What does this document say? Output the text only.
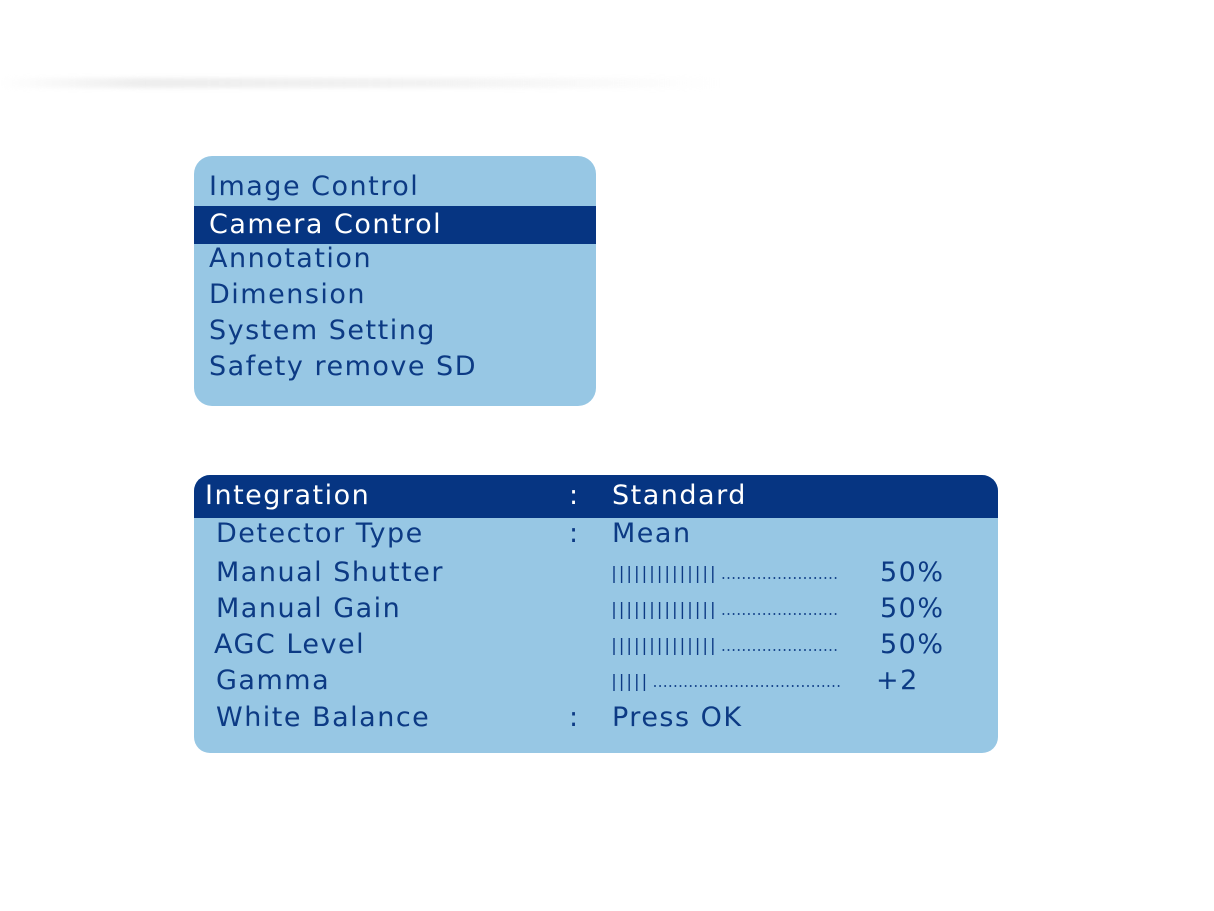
Image Control
Camera Control
Annotation
Dimension
System Setting
Safety remove SD
Integration	: Standard
Detector Type	: Mean
Manual Shutter	50%
Manual Gain	50%
AGC Level	50%
Gamma	+2
White Balance	: Press OK
